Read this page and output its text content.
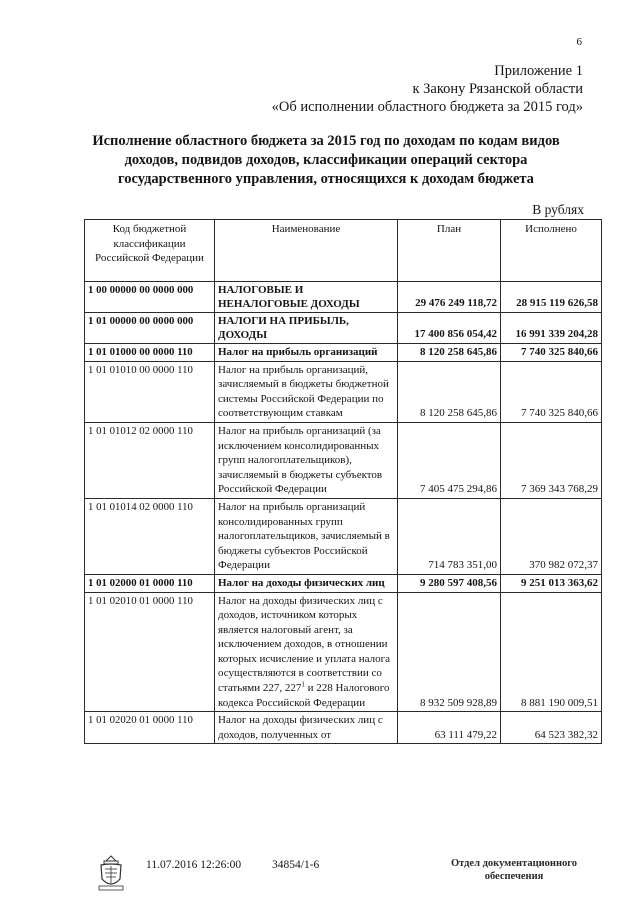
6
Приложение 1
к Закону Рязанской области
«Об исполнении областного бюджета за 2015 год»
Исполнение областного бюджета за 2015 год по доходам по кодам видов доходов, подвидов доходов, классификации операций сектора государственного управления, относящихся к доходам бюджета
В рублях
Код бюджетной классификации Российской Федерации	Наименование	План	Исполнено
1 00 00000 00 0000 000	НАЛОГОВЫЕ И НЕНАЛОГОВЫЕ ДОХОДЫ	29 476 249 118,72	28 915 119 626,58
1 01 00000 00 0000 000	НАЛОГИ НА ПРИБЫЛЬ, ДОХОДЫ	17 400 856 054,42	16 991 339 204,28
1 01 01000 00 0000 110	Налог на прибыль организаций	8 120 258 645,86	7 740 325 840,66
1 01 01010 00 0000 110	Налог на прибыль организаций, зачисляемый в бюджеты бюджетной системы Российской Федерации по соответствующим ставкам	8 120 258 645,86	7 740 325 840,66
1 01 01012 02 0000 110	Налог на прибыль организаций (за исключением консолидированных групп налогоплательщиков), зачисляемый в бюджеты субъектов Российской Федерации	7 405 475 294,86	7 369 343 768,29
1 01 01014 02 0000 110	Налог на прибыль организаций консолидированных групп налогоплательщиков, зачисляемый в бюджеты субъектов Российской Федерации	714 783 351,00	370 982 072,37
1 01 02000 01 0000 110	Налог на доходы физических лиц	9 280 597 408,56	9 251 013 363,62
1 01 02010 01 0000 110	Налог на доходы физических лиц с доходов, источником которых является налоговый агент, за исключением доходов, в отношении которых исчисление и уплата налога осуществляются в соответствии со статьями 227, $227^1$ и 228 Налогового кодекса Российской Федерации	8 932 509 928,89	8 881 190 009,51
1 01 02020 01 0000 110	Налог на доходы физических лиц с доходов, полученных от	63 111 479,22	64 523 382,32
11.07.2016 12:26:00	34854/1-6	Отдел документационного
обеспечения
